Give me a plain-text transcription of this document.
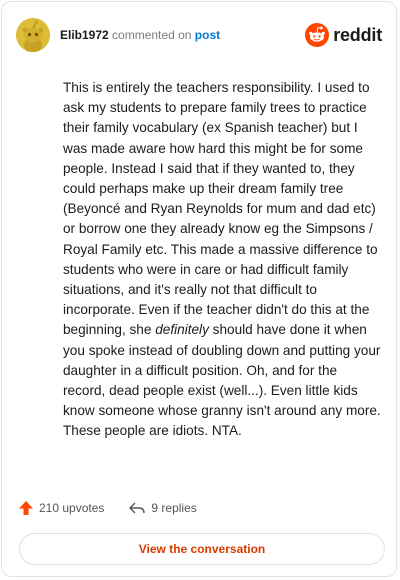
Elib1972 commented on post	reddit

This is entirely the teachers responsibility. I used to ask my students to prepare family trees to practice their family vocabulary (ex Spanish teacher) but I was made aware how hard this might be for some people. Instead I said that if they wanted to, they could perhaps make up their dream family tree (Beyoncé and Ryan Reynolds for mum and dad etc) or borrow one they already know eg the Simpsons / Royal Family etc. This made a massive difference to students who were in care or had difficult family situations, and it's really not that difficult to incorporate. Even if the teacher didn't do this at the beginning, she definitely should have done it when you spoke instead of doubling down and putting your daughter in a difficult position. Oh, and for the record, dead people exist (well...). Even little kids know someone whose granny isn't around any more. These people are idiots. NTA.

210 upvotes	9 replies
View the conversation
